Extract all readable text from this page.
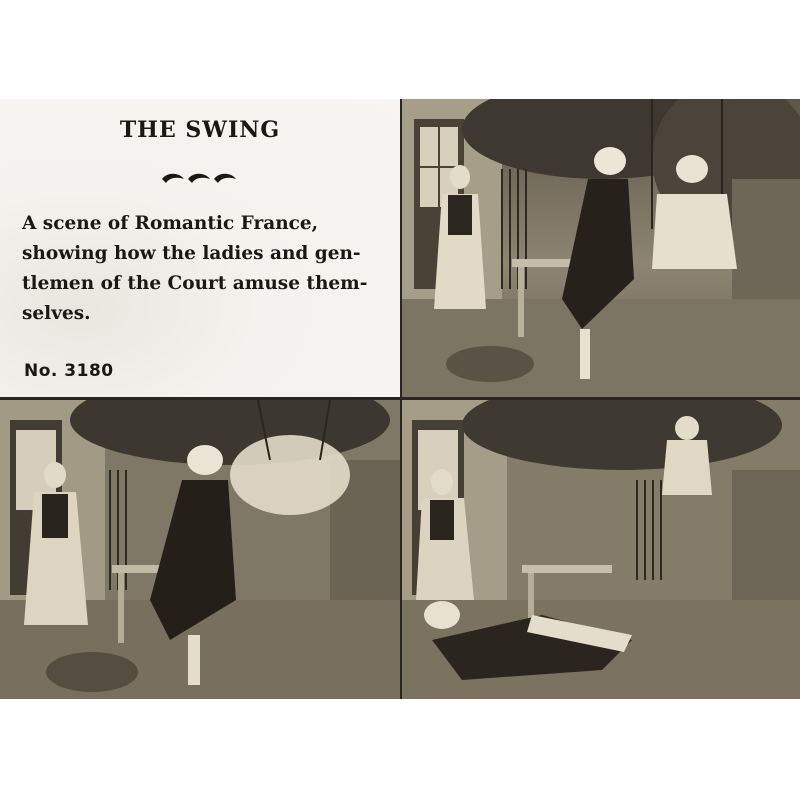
THE SWING
A scene of Romantic France,
showing how the ladies and gen-
tlemen of the Court amuse them-
selves.
No. 3180
